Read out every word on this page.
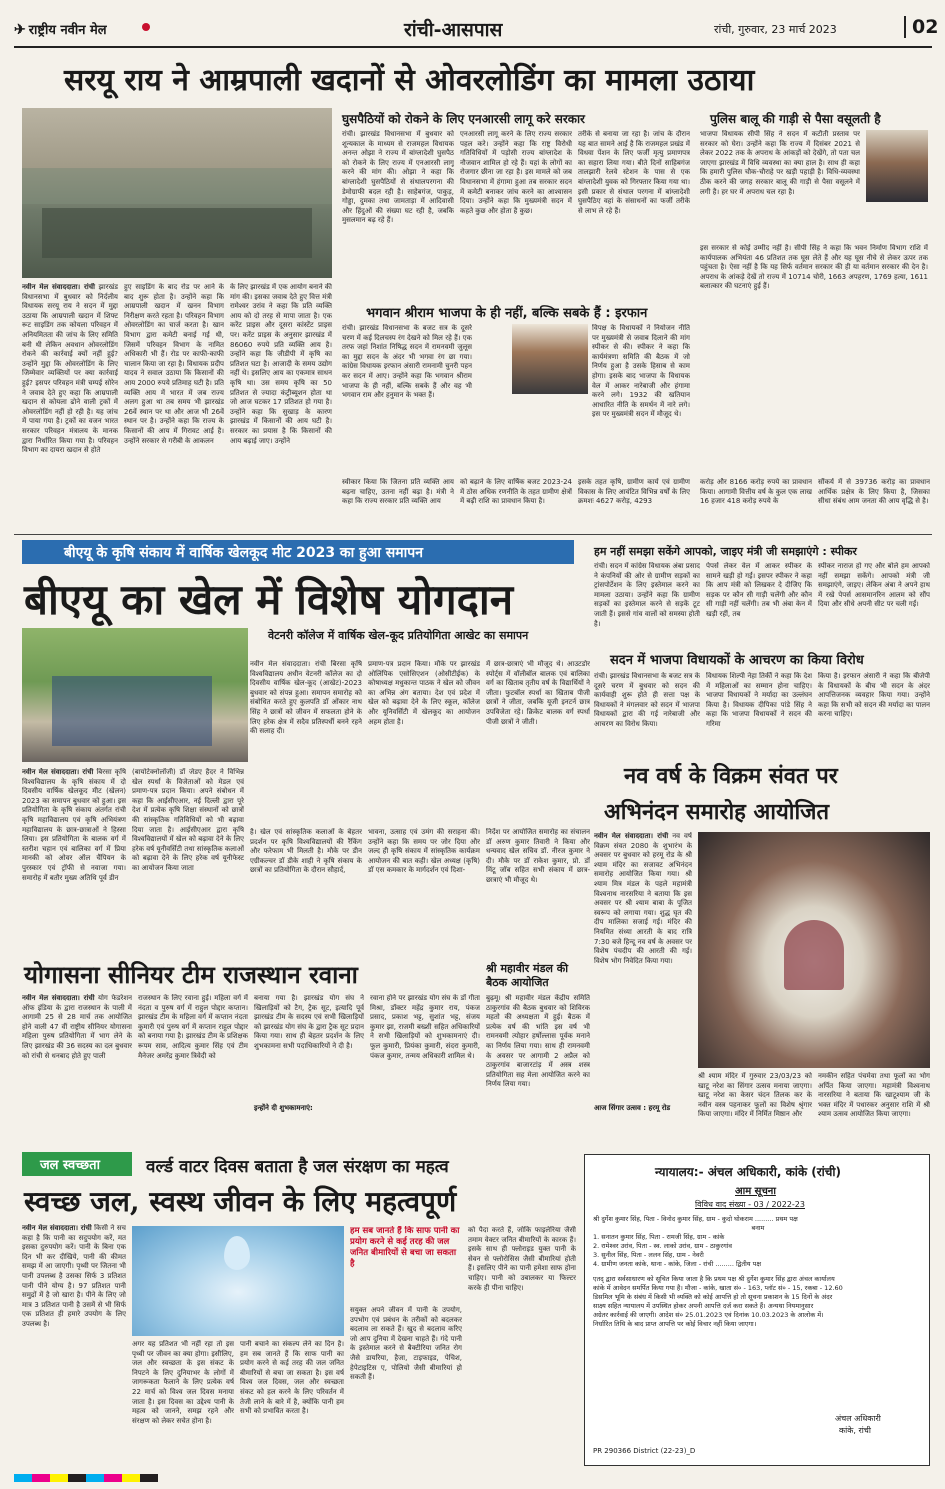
✈ राष्ट्रीय नवीन मेल	रांची-आसपास	रांची, गुरुवार, 23 मार्च 2023	02
सरयू राय ने आम्रपाली खदानों से ओवरलोडिंग का मामला उठाया
नवीन मेल संवाददाता। रांची झारखंड विधानसभा में बुधवार को निर्दलीय विधायक सरयू राय ने सदन में मुद्दा उठाया कि आम्रपाली खदान में शिफ्ट रूट साइडिंग तक कोयला परिवहन में अनियमितता की जांच के लिए समिति बनी थी लेकिन अवधान ओवरलोडिंग रोकने की कार्रवाई क्यों नहीं हुई? उन्होंने मुद्दा कि ओवरलोडिंग के लिए जिम्मेवार व्यक्तियों पर क्या कार्रवाई हुई? इसपर परिवहन मंत्री चम्पई सोरेन ने जवाब देते हुए कहा कि आम्रपाली खदान से कोयला ढोने वाली ट्रकों में ओवरलोडिंग नहीं हो रही है। यह जांच में पाया गया है। ट्रकों का वजन भारत सरकार परिवहन मंत्रालय के मानक द्वारा निर्धारित किया गया है। परिवहन विभाग का दायरा खदान से होते
हुए साइडिंग के बाद रोड पर आने के बाद शुरू होता है। उन्होंने कहा कि आम्रपाली खदान में खनन विभाग निरीक्षण करते रहता है। परिवहन विभाग ओवरलोडिंग का चार्ज करता है। खान विभाग द्वारा कमेटी बनाई गई थी, जिसमें परिवहन विभाग के नामित अधिकारी भी हैं। रोड पर काफी-काफी चालान किया जा रहा है। विधायक प्रदीप यादव ने सवाल उठाया कि किसानों की आय 2000 रुपये प्रतिमाह घटी है। प्रति व्यक्ति आय में भारत में जब राज्य अलग हुआ था तब समय भी झारखंड 26वें स्थान पर था और आज भी 26वें स्थान पर है। उन्होंने कहा कि राज्य के किसानों की आय में गिरावट आई है। उन्होंने सरकार से गरीबी के आकलन
के लिए झारखंड में एक आयोग बनाने की मांग की। इसका जवाब देते हुए वित्त मंत्री रामेश्वर उरांव ने कहा कि प्रति व्यक्ति आय को दो तरह से मापा जाता है। एक करेंट प्राइस और दूसरा कांस्टेंट प्राइस पर। करेंट प्राइस के अनुसार झारखंड में 86060 रुपये प्रति व्यक्ति आय है। उन्होंने कहा कि जीडीपी में कृषि का प्रतिशत घटा है। आजादी के समय उद्योग नहीं थे। इसलिए आय का एकमात्र साधन कृषि था। उस समय कृषि का 50 प्रतिशत से ज्यादा कंट्रीब्यूशन होता था जो आज घटकर 17 प्रतिशत हो गया है। उन्होंने कहा कि सुखाड़ के कारण झारखंड में किसानों की आय घटी है। सरकार का प्रयास है कि किसानों की आय बढ़ाई जाए। उन्होंने
घुसपैठियों को रोकने के लिए एनआरसी लागू करे सरकार
रांची। झारखंड विधानसभा में बुधवार को शून्यकाल के माध्यम से राजमहल विधायक अनन्त ओझा ने राज्य में बांग्लादेशी घुसपैठ को रोकने के लिए राज्य में एनआरसी लागू करने की मांग की। ओझा ने कहा कि बांग्लादेशी घुसपैठियों से संथालपरगना की डेमोग्राफी बदल रही है। साहेबगंज, पाकुड़, गोड्डा, दुमका तथा जामताड़ा में आदिवासी और हिंदुओं की संख्या घट रही है, जबकि मुसलमान बढ़ रहे हैं।
एनआरसी लागू करने के लिए राज्य सरकार पहल करे। उन्होंने कहा कि राष्ट्र विरोधी गतिविधियों में पड़ोसी राज्य बांग्लादेश के नौजवान शामिल हो रहे हैं। यहां के लोगों का रोजगार छीना जा रहा है। इस मामले को जब विधानसभा में हंगामा हुआ तब सरकार सदन में कमेटी बनाकर जांच करने का आश्वासन दिया। उन्होंने कहा कि मुख्यमंत्री सदन में कहते कुछ और होता है कुछ।
तरीके से बनाया जा रहा है। जांच के दौरान यह बात सामने आई है कि राजमहल प्रखंड में विधवा पेंशन के लिए फर्जी मृत्यु प्रमाणपत्र का सहारा लिया गया। बीते दिनों साहिबगंज तालझारी रेलवे स्टेशन के पास से एक बांग्लादेशी युवक को गिरफ्तार किया गया था। इसी प्रकार से संथाल परगना में बांग्लादेशी घुसपैठिए वहां के संसाधनों का फर्जी तरीके से लाभ ले रहे हैं।
पुलिस बालू की गाड़ी से पैसा वसूलती है
भाजपा विधायक सीपी सिंह ने सदन में कटौती प्रस्ताव पर सरकार को घेरा। उन्होंने कहा कि राज्य में दिसंबर 2021 से लेकर 2022 तक के अपराध के आंकड़ों को देखेंगे, तो पता चल जाएगा झारखंड में विधि व्यवस्था का क्या हाल है। साथ ही कहा कि हमारी पुलिस चौक-चौराहे पर खड़ी पहाड़ी है। विधि-व्यवस्था ठीक करने की जगह सरकार बालू की गाड़ी से पैसा वसूलने में लगी है। हर घर में अपराध चल रहा है।
इस सरकार से कोई उम्मीद नहीं है। सीपी सिंह ने कहा कि भवन निर्माण विभाग राशि में कार्यपालक अभियंता 46 प्रतिशत तक घूस लेते हैं और यह घूस नीचे से लेकर ऊपर तक पहुंचता है। ऐसा नहीं है कि यह सिर्फ वर्तमान सरकार की ही या वर्तमान सरकार की देन है। अपराध के आंकड़े देखें तो राज्य में 10714 चोरी, 1663 अपहरण, 1769 हत्या, 1611 बलात्कार की घटनाएं हुई हैं।
भगवान श्रीराम भाजपा के ही नहीं, बल्कि सबके हैं : इरफान
रांची। झारखंड विधानसभा के बजट सत्र के दूसरे चरण में कई दिलचस्प रंग देखने को मिल रहे हैं। एक तरफ जहां निशांत निषिद्ध सदन में रामनवमी जुलूस का मुद्दा सदन के अंदर भी भगवा रंग छा गया। कांग्रेस विधायक इरफान अंसारी रामनामी चुनरी पहन कर सदन में आए। उन्होंने कहा कि भगवान श्रीराम भाजपा के ही नहीं, बल्कि सबके हैं और वह भी भगवान राम और हनुमान के भक्त हैं।
विपक्ष के विधायकों ने नियोजन नीति पर मुख्यमंत्री से जवाब दिलाने की मांग स्पीकर से की। स्पीकर ने कहा कि कार्यमंत्रणा समिति की बैठक में जो निर्णय हुआ है उसके हिसाब से काम होगा। इसके बाद भाजपा के विधायक वेल में आकर नारेबाजी और हंगामा करने लगे। 1932 की खतियान आधारित नीति के समर्थन में नारे लगे। इस पर मुख्यमंत्री सदन में मौजूद थे।
स्वीकार किया कि जितना प्रति व्यक्ति आय बढ़ना चाहिए, उतना नहीं बढ़ा है। मंत्री ने कहा कि राज्य सरकार प्रति व्यक्ति आय
को बढ़ाने के लिए वार्षिक बजट 2023-24 में ठोस अधिक रणनीति के तहत ग्रामीण क्षेत्रों में बढ़ी राशि का प्रावधान किया है।
इसके तहत कृषि, ग्रामीण कार्य एवं ग्रामीण विकास के लिए आवंटित विभिन्न वर्षों के लिए क्रमशः 4627 करोड़, 4293
करोड़ और 8166 करोड़ रुपये का प्रावधान किया। आगामी वित्तीय वर्ष के कुल एक लाख 16 हजार 418 करोड़ रुपये के
सौंकर्य में से 39736 करोड़ का प्रावधान आर्थिक प्रक्षेत्र के लिए किया है, जिसका सीधा संबंध आम जनता की आय वृद्धि से है।
बीएयू के कृषि संकाय में वार्षिक खेलकूद मीट 2023 का हुआ समापन
बीएयू का खेल में विशेष योगदान
वेटनरी कॉलेज में वार्षिक खेल-कूद प्रतियोगिता आखेट का समापन
नवीन मेल संवाददाता। रांची बिरसा कृषि विश्वविद्यालय के कृषि संकाय में दो दिवसीय वार्षिक खेलकूद मीट (खेलन) 2023 का समापन बुधवार को हुआ। इस प्रतियोगिता के कृषि संकाय अंतर्गत रांची कृषि महाविद्यालय एवं कृषि अभियंत्रण महाविद्यालय के छात्र-छात्राओं ने हिस्सा लिया। इस प्रतियोगिता के बालक वर्ग में स्तरीश चहान एवं बालिका वर्ग में प्रिया मानकी को ओवर ऑल चैंपियन के पुरस्कार एवं ट्रॉफी से नवाजा गया। समारोह में बतौर मुख्य अतिथि पूर्व डीन
(बायोटेक्नोलॉजी) डॉ जेडए हैदर ने विभिन्न खेल स्पर्धा के विजेताओं को मेडल एवं प्रमाण-पत्र प्रदान किया। अपने संबोधन में कहा कि आईसीएआर, नई दिल्ली द्वारा पूरे देश में प्रत्येक कृषि शिक्षा संस्थानों को छात्रों की सांस्कृतिक गतिविधियों को भी बढ़ावा दिया जाता है। आईसीएआर द्वारा कृषि विश्वविद्यालयों में खेल को बढ़ावा देने के लिए हरेक वर्ष यूनीवर्सिटी तथा सांस्कृतिक कलाओं को बढ़ावा देने के लिए हरेक वर्ष यूनीफेस्ट का आयोजन किया जाता
नवीन मेल संवाददाता। रांची बिरसा कृषि विश्वविद्यालय अधीन वेटनरी कॉलेज का दो दिवसीय वार्षिक खेल-कूद (आखेट)-2023 बुधवार को संपन्न हुआ। समापन समारोह को संबोधित करते हुए कुलपति डॉ ओंकार नाथ सिंह ने छात्रों को जीवन में सफलता होने के लिए हरेक क्षेत्र में सदैव प्रतिस्पर्धी बनने रहने की सलाह दी।
है। खेल एवं सांस्कृतिक कलाओं के बेहतर प्रदर्शन पर कृषि विश्वविद्यालयों की रैंकिंग और फरेफाम भी मिलती है। मौके पर डीन एग्रीकल्चर डॉ डीके शाही ने कृषि संकाय के छात्रों का प्रतियोगिता के दौरान सौहार्द,
प्रमाण-पत्र प्रदान किया। मौके पर झारखंड ओलिंपिक एसोसिएशन (ओसीटीईक) के कोषाध्यक्ष मधुकान्त पाठक ने खेल को जीवन का अभिन्न अंग बताया। देश एवं प्रदेश में खेल को बढ़ावा देने के लिए स्कूल, कॉलेज और यूनिवर्सिटी में खेलकूद का आयोजन अहम होता है।
भावना, उत्साह एवं उमंग की सराहना की। उन्होंने कहा कि समय पर जोर दिया और जल्द ही कृषि संकाय में सांस्कृतिक कार्यक्रम आयोजन की बात कही। खेल अध्यक्ष (कृषि) डॉ एस कमकार के मार्गदर्शन एवं दिशा-
में छात्र-छात्राएं भी मौजूद थे। आउटडोर स्पोर्ट्स में वॉलीबॉल बालक एवं बालिका वर्ग का खिताब तृतीय वर्ष के विद्यार्थियों ने जीता। फुटबॉल स्पर्धा का खिताब पीजी छात्रों ने जीता, जबकि यूजी इनटर्न छात्र उपविजेता रहे। क्रिकेट बालक वर्ग स्पर्धा पीजी छात्रों ने जीती।
निर्देश पर आयोजित समारोह का संचालन डॉ अरुण कुमार तिवारी ने किया और धन्यवाद खेल सचिव डॉ. नीरज कुमार ने दी। मौके पर डॉ राकेश कुमार, प्रो. डॉ मिंटू जॉब सहित सभी संकाय में छात्र-छात्राएं भी मौजूद थे।
योगासना सीनियर टीम राजस्थान रवाना
नवीन मेल संवाददाता। रांची योग फेडरेशन ऑफ इंडिया के द्वारा राजस्थान के पाली में आगामी 25 से 28 मार्च तक आयोजित होने वाली 47 वीं राष्ट्रीय सीनियर योगासना महिला पुरुष प्रतियोगिता में भाग लेने के लिए झारखंड की 36 सदस्य का दल बुधवार को रांची से धनबाद होते हुए पाली
राजस्थान के लिए रवाना हुई। महिला वर्ग में नंदता व पुरुष वर्ग में राहुल पोद्दार कप्तान। झारखंड टीम के महिला वर्ग में कप्तान नंदता कुमारी एवं पुरुष वर्ग में कप्तान राहुल पोद्दार को बनाया गया है। झारखंड टीम के प्रशिक्षक रूपम साव, आदित्य कुमार सिंह एवं टीम मैनेजर अमरेंद्र कुमार त्रिवेदी को
बनाया गया है। झारखंड योग संघ ने खिलाड़ियों को टैग, ट्रैक सूट, इत्यादि पूर्व झारखंड टीम के सदस्य एवं सभी खिलाड़ियों को झारखंड योग संघ के द्वारा ट्रैक सूट प्रदान किया गया। साथ ही बेहतर प्रदर्शन के लिए शुभकामना सभी पदाधिकारियों ने दी है।
इन्होंने दी शुभकामनाएं:
रवाना होने पर झारखंड योग संघ के डॉ गीता मिश्रा, डॉक्टर महेंद्र कुमार राय, पंकज प्रसाद, प्रकाश भट्ट, सुशांत भट्ट, संजय कुमार झा, राजमी बख्शी सहित अधिकारियों ने सभी खिलाड़ियों को शुभकामनाएं दी। फूल कुमारी, प्रियंका कुमारी, संदरा कुमारी, पंकज कुमार, तन्मय अधिकारी शामिल थे।
श्री महावीर मंडल की बैठक आयोजित
बुढ़मू। श्री महावीर मंडल केंद्रीय समिति ठाकुरगांव की बैठक बुधवार को शिविरक महतो की अध्यक्षता में हुई। बैठक में प्रत्येक वर्ष की भांति इस वर्ष भी रामनवमी त्योहार हर्षोल्लास पूर्वक मनाने का निर्णय लिया गया। साथ ही रामनवमी के अवसर पर आगामी 2 अप्रैल को ठाकुरगांव बाजारटांड़ में अस्त्र शस्त्र प्रतियोगिता सह मेला आयोजित करने का निर्णय लिया गया।
हम नहीं समझा सकेंगे आपको, जाइए मंत्री जी समझाएंगे : स्पीकर
रांची। सदन में कांग्रेस विधायक अंबा प्रसाद ने कंपनियों की ओर से ग्रामीण सड़कों का ट्रांसपोर्टेशन के लिए इस्तेमाल करने का मामला उठाया। उन्होंने कहा कि ग्रामीण सड़कों का इस्तेमाल करने से सड़कें टूट जाती हैं। इससे गांव वालों को समस्या होती है।
पेपर्स लेकर वेल में आकर स्पीकर के सामने खड़ी हो गईं। इसपर स्पीकर ने कहा कि आप मंत्री को लिखकर दे दीजिए कि सड़क पर कौन सी गाड़ी चलेंगी और कौन सी गाड़ी नहीं चलेंगी। तब भी अंबा केन में खड़ी रहीं, तब
स्पीकर नाराज हो गए और बोले हम आपको नहीं समझा सकेंगे। आपको मंत्री जी समझाएंगे, जाइए। लेकिन अंबा ने अपने हाथ में रखे पेपर्स आसमानरिन आलम को सौंप दिया और सीधे अपनी सीट पर चली गईं।
सदन में भाजपा विधायकों के आचरण का किया विरोध
रांची। झारखंड विधानसभा के बजट सत्र के दूसरे चरण में बुधवार को सदन की कार्यवाही शुरू होते ही सत्ता पक्ष के विधायकों ने मंगलवार को सदन में भाजपा विधायकों द्वारा की गई नारेबाजी और आचरण का विरोध किया।
विधायक शिल्पी नेहा तिर्की ने कहा कि देश में महिलाओं का सम्मान होना चाहिए। भाजपा विधायकों ने मर्यादा का उल्लंघन किया है। विधायक दीपिका पांडे सिंह ने कहा कि भाजपा विधायकों ने सदन की गरिमा
किया है। इरफान अंसारी ने कहा कि बीजेपी के विधायकों के बीच भी सदन के अंदर आपत्तिजनक व्यवहार किया गया। उन्होंने कहा कि सभी को सदन की मर्यादा का पालन करना चाहिए।
नव वर्ष के विक्रम संवत पर
अभिनंदन समारोह आयोजित
नवीन मेल संवाददाता। रांची नव वर्ष विक्रम संवत 2080 के शुभारंभ के अवसर पर बुधवार को हरमू रोड के श्री श्याम मंदिर का सजावट अभिनंदन समारोह आयोजित किया गया। श्री श्याम मित्र मंडल के पहले महामंत्री विश्वनाथ नारसरिया ने बताया कि इस अवसर पर श्री श्याम बाबा के पूजित स्वरूप को लगाया गया। शुद्ध घृत की दीप मालिका सजाई गई। मंदिर की नियमित संध्या आरती के बाद रात्रि 7:30 बजे हिन्दू नव वर्ष के अवसर पर विशेष पंचदीप की आरती की गई। विशेष भोग निवेदित किया गया।
श्री श्याम मंदिर में गुरुवार 23/03/23 को खाटू नरेश का सिंगार उत्सव मनाया जाएगा। खाटू नरेश का केसर चंदन तिलक कर के नवीन वस्त्र पहनाकर फूलों का विशेष श्रृंगार किया जाएगा। मंदिर में निर्मित मिष्ठान और
नमकीन सहित पंचमेवा तथा फूलों का भोग अर्पित किया जाएगा। महामंत्री विश्वनाथ नारसरिया ने बताया कि खाटूश्याम जी के भक्त मंदिर में पधारकर अनुसार राशि में श्री श्याम उत्सव आयोजित किया जाएगा।
आज सिंगार उत्सव : हरमू रोड
जल स्वच्छता	वर्ल्ड वाटर दिवस बताता है जल संरक्षण का महत्व
स्वच्छ जल, स्वस्थ जीवन के लिए महत्वपूर्ण
नवीन मेल संवाददाता। रांची किसी ने सच कहा है कि पानी का सदुपयोग करें, मत इसका दुरुपयोग करें। पानी के बिना एक दिन भी कर दीखिये, पानी की कीमत समझ में आ जाएगी। पृथ्वी पर जितना भी पानी उपलब्ध है उसका सिर्फ 3 प्रतिशत पानी पीने योग्य है। 97 प्रतिशत पानी समुद्रों में है जो खारा है। पीने के लिए जो मात्र 3 प्रतिशत पानी है उसमें से भी सिर्फ एक प्रतिशत ही हमारे उपयोग के लिए उपलब्ध है।
हम सब जानते हैं कि साफ पानी का प्रयोग करने से कई तरह की जल जनित बीमारियों से बचा जा सकता है
अगर यह प्रतिशत भी नहीं रहा तो इस पृथ्वी पर जीवन का क्या होगा। इसीलिए, जल और स्वच्छता के इस संकट के निपटने के लिए दुनियाभर के लोगों में जागरूकता फैलाने के लिए प्रत्येक वर्ष 22 मार्च को विश्व जल दिवस मनाया जाता है। इस दिवस का उद्देश्य पानी के महत्व को जानने, समझ रहने और संरक्षण को लेकर सचेत होना है।
पानी बचाने का संकल्प लेने का दिन है। हम सब जानते हैं कि साफ पानी का प्रयोग करने से कई तरह की जल जनित बीमारियों से बचा जा सकता है। इस वर्ष विश्व जल दिवस, जल और स्वच्छता संकट को हल करने के लिए परिवर्तन में तेजी लाने के बारे में है, क्योंकि पानी हम सभी को प्रभावित करता है।
सयुक्त अपने जीवन में पानी के उपयोग, उपभोग एवं प्रबंधन के तरीकों को बदलकर बदलाव ला सकते हैं। खुद से बदलाव करिए जो आप दुनिया में देखना चाहते हैं। गंदे पानी के इस्तेमाल करने से बैक्टीरिया जनित रोग जैसे डायरिया, हैजा, टाइफाइड, पेचिश, हेपेटाइटिस ए, पोलियो जैसी बीमारियां हो सकती हैं।
को पैदा करते हैं, जोकि फाइलेरिया जैसी तमाम वेक्टर जनित बीमारियों के कारक हैं। इसके साथ ही फ्लोराइड युक्त पानी के सेवन से फ्लोरोसिस जैसी बीमारियां होती हैं। इसलिए पीने का पानी हमेशा साफ होना चाहिए। पानी को उबालकर या फिल्टर करके ही पीना चाहिए।
न्यायालय:- अंचल अधिकारी, कांके (रांची)
आम सूचना
विविध वाद संख्या - 03 / 2022-23
श्री दुर्गेश कुमार सिंह, पिता - विनोद कुमार सिंह, ग्राम - कुदो घोकराम ......... प्रथम पक्ष
बनाम
1. सनातन कुमार सिंह, पिता - रामजी सिंह, ग्राम - कांके
2. रामेश्वर उरांव, पिता - स्व. लाको उरांव, ग्राम - ठाकुरगांव
3. सुनील सिंह, पिता - ललन सिंह, ग्राम - नेवरी
4. ग्रामीण जनता कांके, थाना - कांके, जिला - रांची ......... द्वितीय पक्ष
एतद् द्वारा सर्वसाधारण को सूचित किया जाता है कि प्रथम पक्ष श्री दुर्गेश कुमार सिंह द्वारा अंचल कार्यालय
कांके में आवेदन समर्पित किया गया है। मौजा - कांके, खाता सं० - 163, प्लॉट सं० - 15, रकबा - 12.60
डिसमिल भूमि के संबंध में किसी भी व्यक्ति को कोई आपत्ति हो तो सूचना प्रकाशन के 15 दिनों के अंदर
साक्ष्य सहित न्यायालय में उपस्थित होकर अपनी आपत्ति दर्ज करा सकते हैं। अन्यथा नियमानुसार
अग्रेतर कार्रवाई की जाएगी। आदेश सं० 25.01.2023 एवं दिनांक 10.03.2023 के आलोक में।
निर्धारित तिथि के बाद प्राप्त आपत्ति पर कोई विचार नहीं किया जाएगा।
अंचल अधिकारी
कांके, रांची
PR 290366 District (22-23)_D
